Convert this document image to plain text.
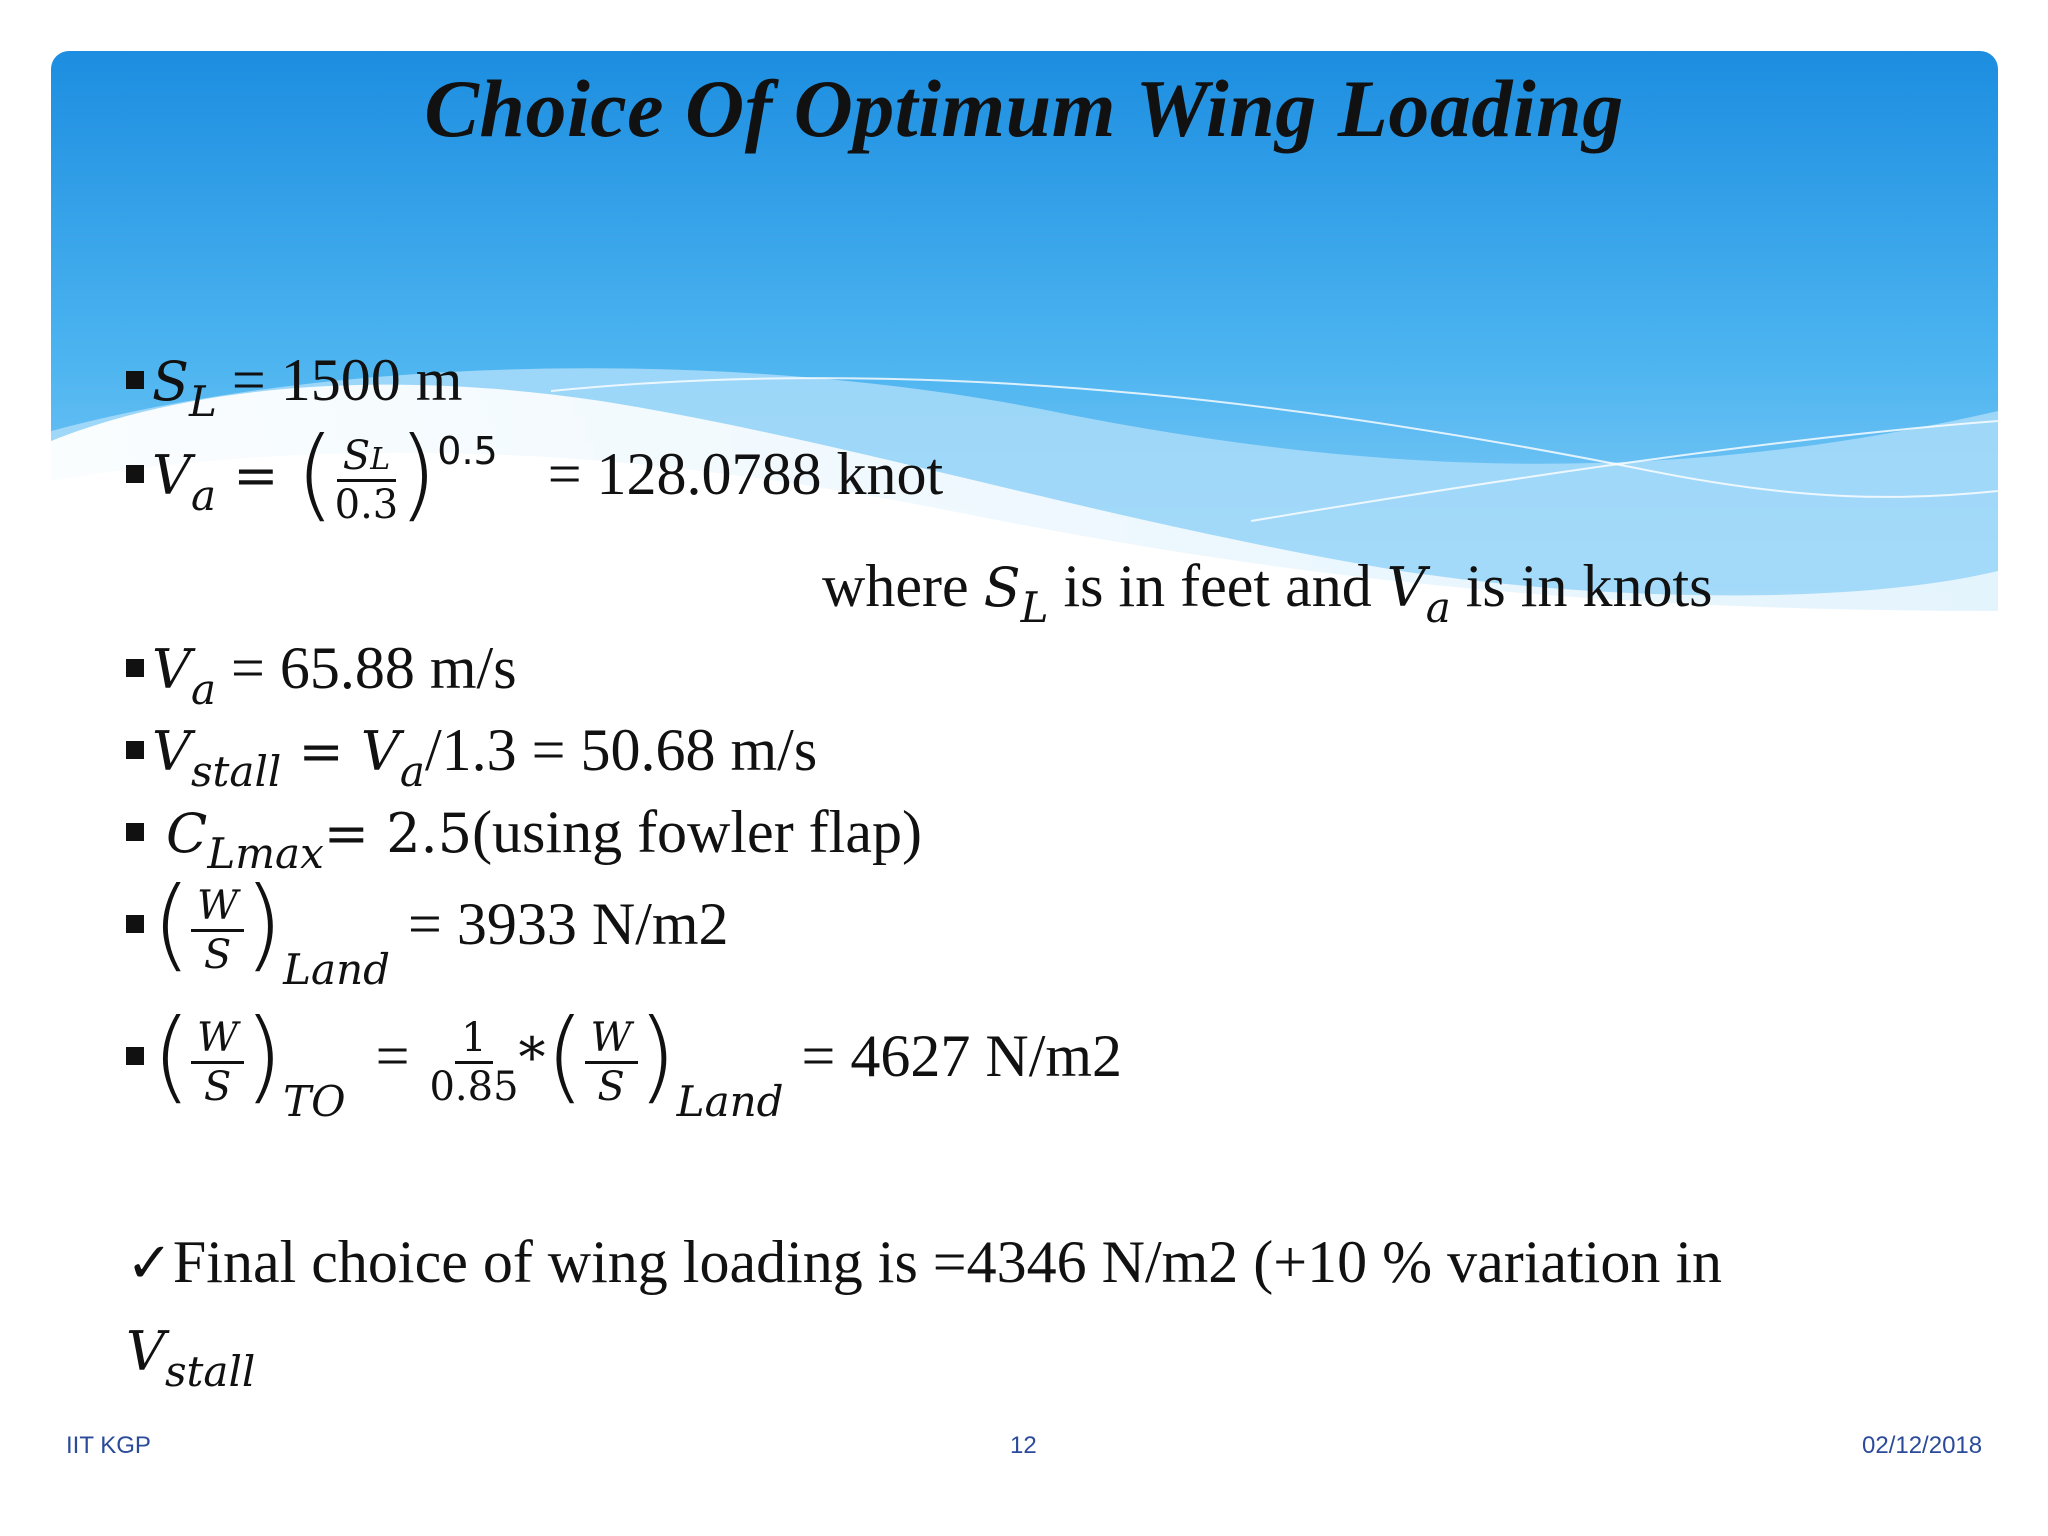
Choice Of Optimum Wing Loading
$S_L = 1500$ m
$V_a$ = ( $\frac{SL}{0.3} )^{0.5} = 128.0788$ knot
where $S_L$ is in feet and $V_a$ is in knots
$V_a = 65.88$ m/s
$V_{stall} = V_a/1.3 = 50.68$ m/s
$C_{Lmax}= 2.5(using$ fowler flap)
( $\frac{W}{S} )_{Land}= 3933$ N/m2
( $\frac{W}{S} )_{TO}= \frac{1}{0.85}$ *( $\frac{W}{S} )_{Land}= 4627$ N/m2
✓Final choice of wing loading is =4346 N/m2 (+10 % variation in
$V_{stall}$
IIT KGP	12	02/12/2018
